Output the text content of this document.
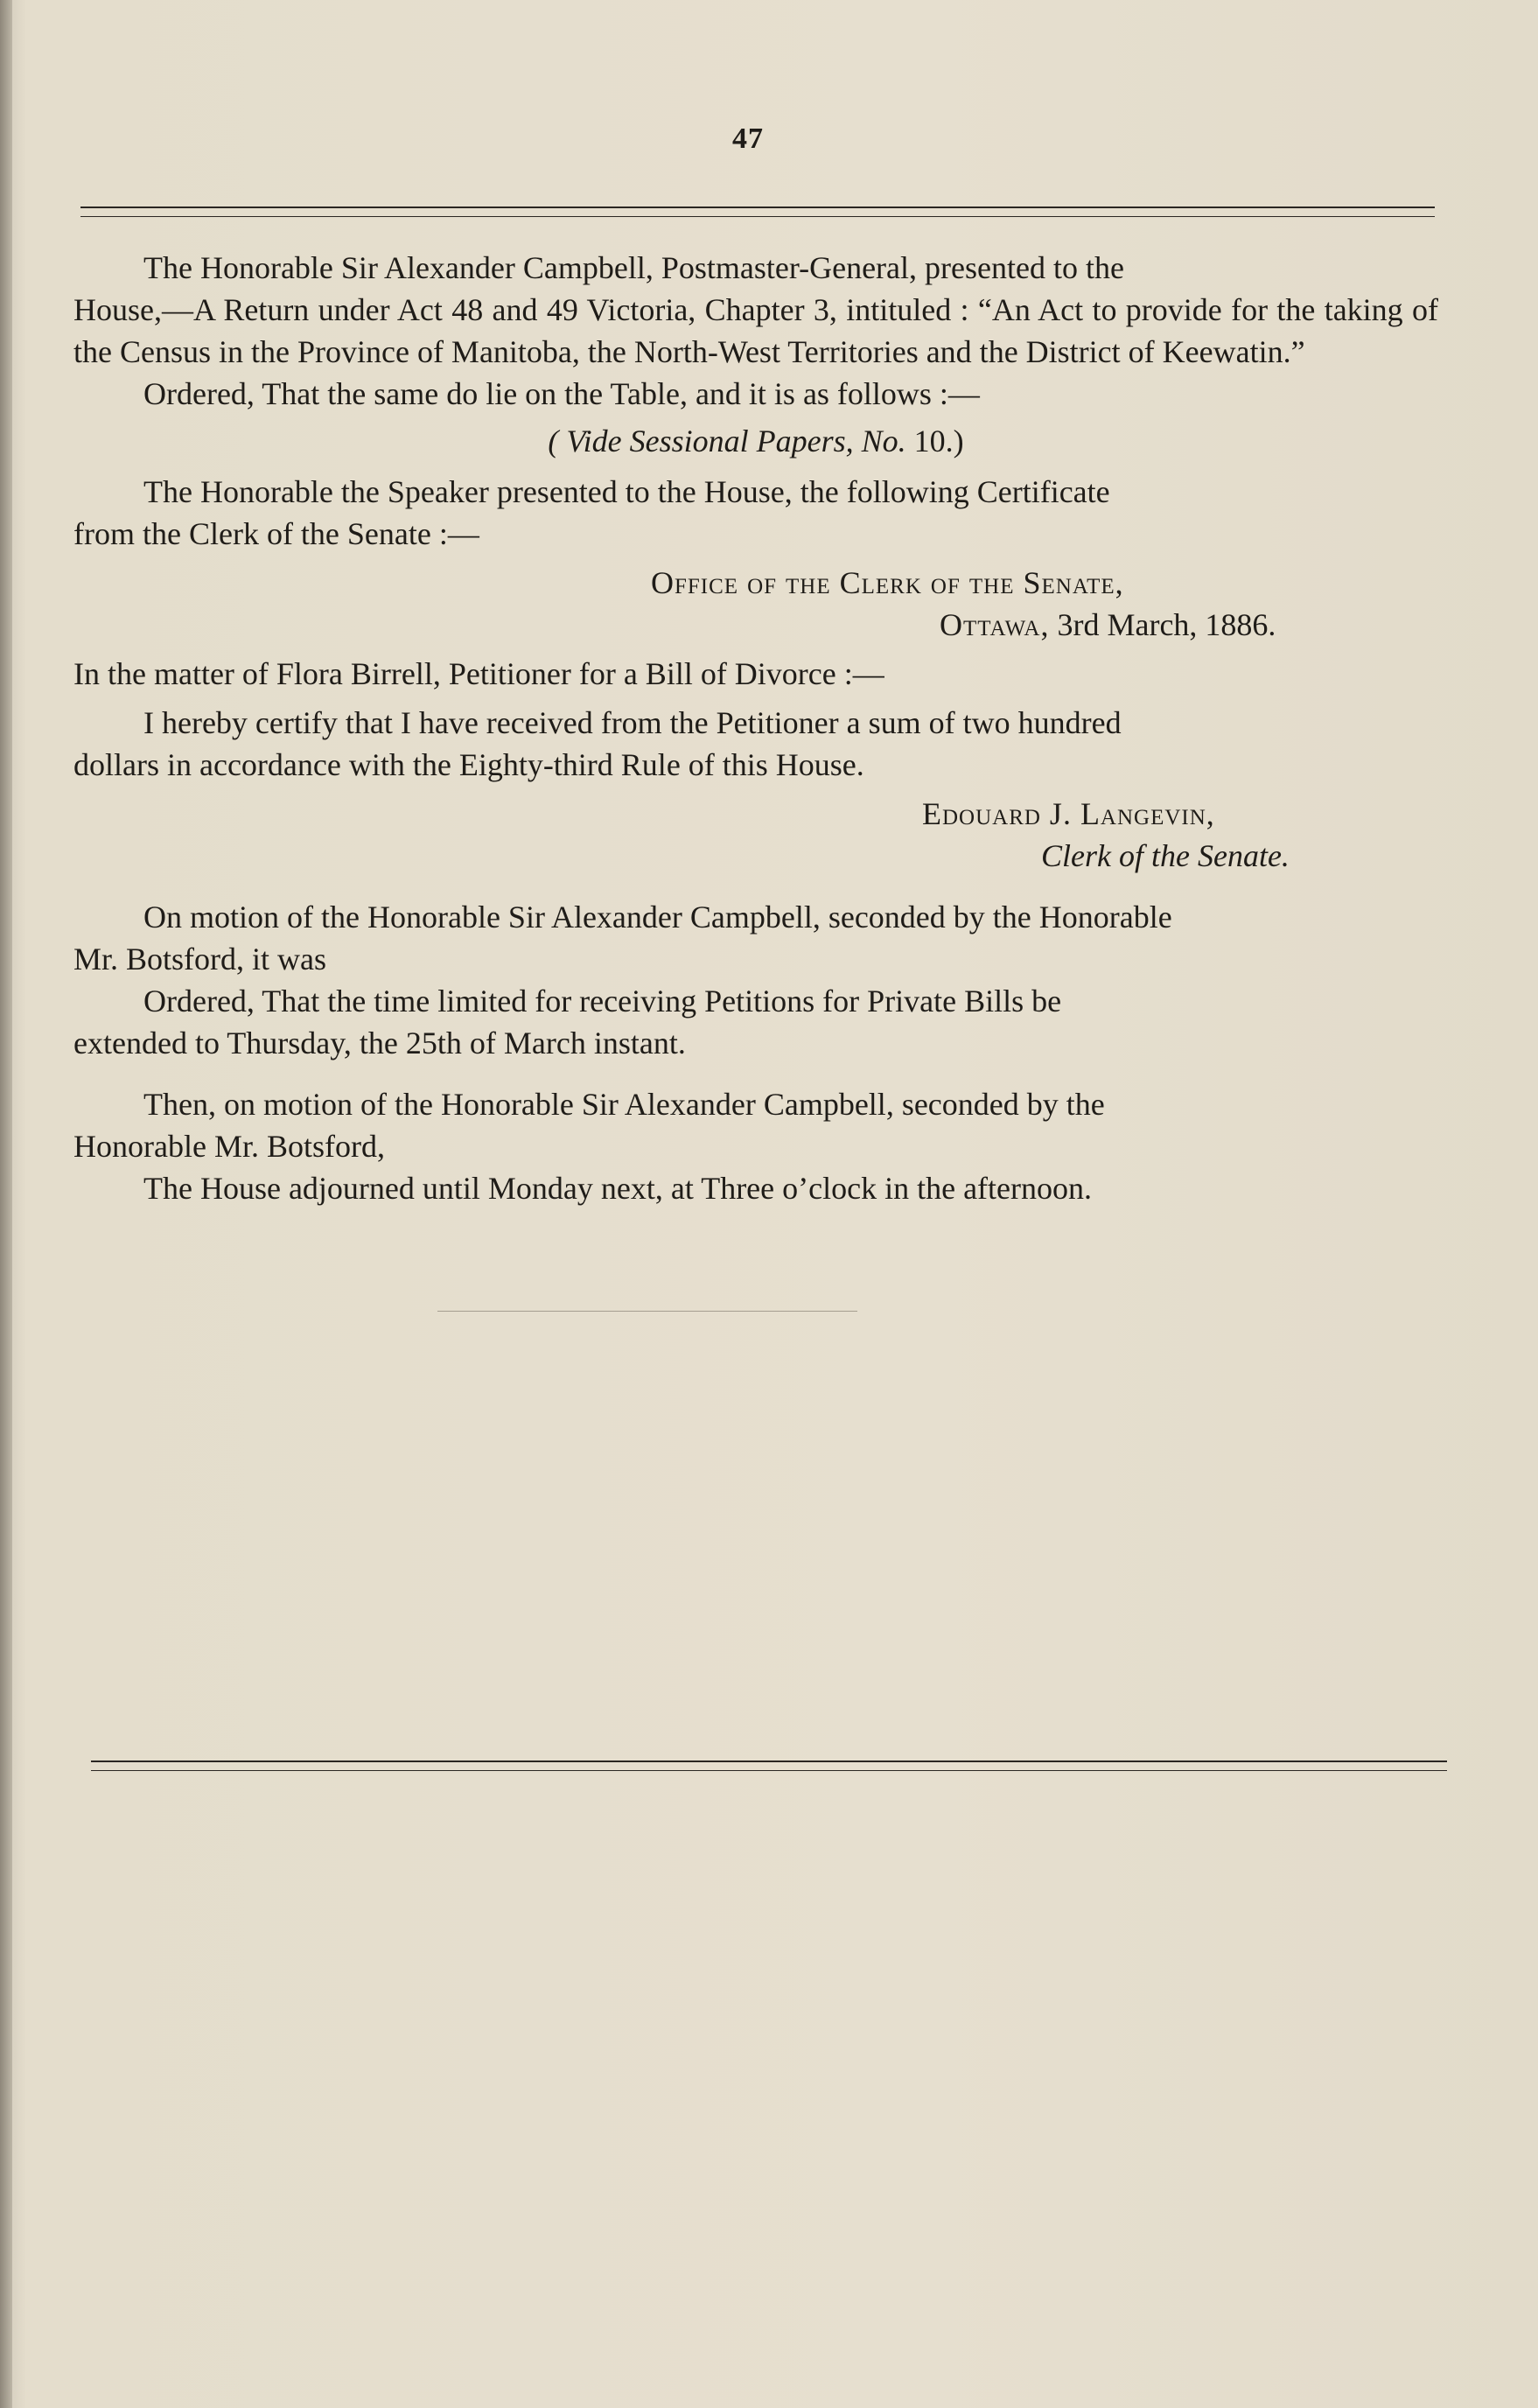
47

The Honorable Sir Alexander Campbell, Postmaster-General, presented to the
House,—A Return under Act 48 and 49 Victoria, Chapter 3, intituled : “An Act to provide for the taking of the Census in the Province of Manitoba, the North-West Territories and the District of Keewatin.”

Ordered, That the same do lie on the Table, and it is as follows :—

( Vide Sessional Papers, No. 10.)

The Honorable the Speaker presented to the House, the following Certificate
from the Clerk of the Senate :—

Office of the Clerk of the Senate,

Ottawa, 3rd March, 1886.

In the matter of Flora Birrell, Petitioner for a Bill of Divorce :—

I hereby certify that I have received from the Petitioner a sum of two hundred
dollars in accordance with the Eighty-third Rule of this House.

Edouard J. Langevin,

Clerk of the Senate.

On motion of the Honorable Sir Alexander Campbell, seconded by the Honorable
Mr. Botsford, it was

Ordered, That the time limited for receiving Petitions for Private Bills be
extended to Thursday, the 25th of March instant.

Then, on motion of the Honorable Sir Alexander Campbell, seconded by the
Honorable Mr. Botsford,

The House adjourned until Monday next, at Three o’clock in the afternoon.
